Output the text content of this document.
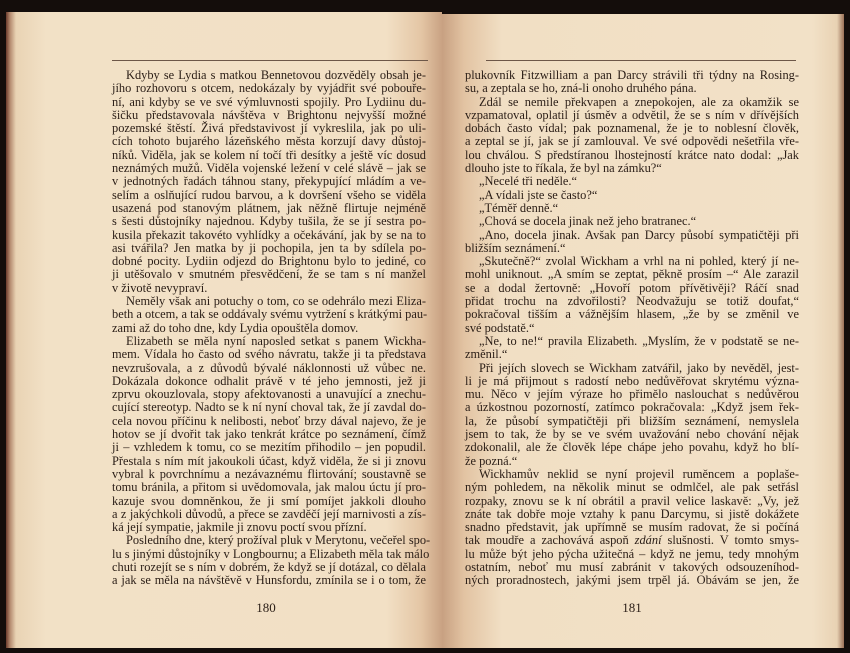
Kdyby se Lydia s matkou Bennetovou dozvěděly obsah je-
jího rozhovoru s otcem, nedokázaly by vyjádřit své pobouře-
ní, ani kdyby se ve své výmluvnosti spojily. Pro Lydiinu du-
šičku představovala návštěva v Brightonu nejvyšší možné
pozemské štěstí. Živá představivost jí vykreslila, jak po uli-
cích tohoto bujarého lázeňského města korzují davy důstoj-
níků. Viděla, jak se kolem ní točí tři desítky a ještě víc dosud
neznámých mužů. Viděla vojenské ležení v celé slávě – jak se
v jednotných řadách táhnou stany, překypující mládím a ve-
selím a oslňující rudou barvou, a k dovršení všeho se viděla
usazená pod stanovým plátnem, jak něžně flirtuje nejméně
s šesti důstojníky najednou. Kdyby tušila, že se jí sestra po-
kusila překazit takovéto vyhlídky a očekávání, jak by se na to
asi tvářila? Jen matka by ji pochopila, jen ta by sdílela po-
dobné pocity. Lydiin odjezd do Brightonu bylo to jediné, co
ji utěšovalo v smutném přesvědčení, že se tam s ní manžel
v životě nevypraví.
Neměly však ani potuchy o tom, co se odehrálo mezi Eliza-
beth a otcem, a tak se oddávaly svému vytržení s krátkými pau-
zami až do toho dne, kdy Lydia opouštěla domov.
Elizabeth se měla nyní naposled setkat s panem Wickha-
mem. Vídala ho často od svého návratu, takže ji ta představa
nevzrušovala, a z důvodů bývalé náklonnosti už vůbec ne.
Dokázala dokonce odhalit právě v té jeho jemnosti, jež ji
zprvu okouzlovala, stopy afektovanosti a unavující a znechu-
cující stereotyp. Nadto se k ní nyní choval tak, že jí zavdal do-
cela novou příčinu k nelibosti, neboť brzy dával najevo, že je
hotov se jí dvořit tak jako tenkrát krátce po seznámení, čímž
ji – vzhledem k tomu, co se mezitím přihodilo – jen popudil.
Přestala s ním mít jakoukoli účast, když viděla, že si ji znovu
vybral k povrchnímu a nezávaznému flirtování; soustavně se
tomu bránila, a přitom si uvědomovala, jak malou úctu jí pro-
kazuje svou domněnkou, že ji smí pomíjet jakkoli dlouho
a z jakýchkoli důvodů, a přece se zavděčí její marnivosti a zís-
ká její sympatie, jakmile ji znovu poctí svou přízní.
Posledního dne, který prožíval pluk v Merytonu, večeřel spo-
lu s jinými důstojníky v Longbournu; a Elizabeth měla tak málo
chuti rozejít se s ním v dobrém, že když se jí dotázal, co dělala
a jak se měla na návštěvě v Hunsfordu, zmínila se i o tom, že
180
plukovník Fitzwilliam a pan Darcy strávili tři týdny na Rosing-
su, a zeptala se ho, zná-li onoho druhého pána.
Zdál se nemile překvapen a znepokojen, ale za okamžik se
vzpamatoval, oplatil jí úsměv a odvětil, že se s ním v dřívějších
dobách často vídal; pak poznamenal, že je to noblesní člověk,
a zeptal se jí, jak se jí zamlouval. Ve své odpovědi nešetřila vře-
lou chválou. S předstíranou lhostejností krátce nato dodal: „Jak
dlouho jste to říkala, že byl na zámku?“
„Necelé tři neděle.“
„A vídali jste se často?“
„Téměř denně.“
„Chová se docela jinak než jeho bratranec.“
„Ano, docela jinak. Avšak pan Darcy působí sympatičtěji při
bližším seznámení.“
„Skutečně?“ zvolal Wickham a vrhl na ni pohled, který jí ne-
mohl uniknout. „A smím se zeptat, pěkně prosím –“ Ale zarazil
se a dodal žertovně: „Hovoří potom přívětivěji? Ráčí snad
přidat trochu na zdvořilosti? Neodvažuju se totiž doufat,“
pokračoval tišším a vážnějším hlasem, „že by se změnil ve
své podstatě.“
„Ne, to ne!“ pravila Elizabeth. „Myslím, že v podstatě se ne-
změnil.“
Při jejích slovech se Wickham zatvářil, jako by nevěděl, jest-
li je má přijmout s radostí nebo nedůvěřovat skrytému význa-
mu. Něco v jejím výraze ho přimělo naslouchat s nedůvěrou
a úzkostnou pozorností, zatímco pokračovala: „Když jsem řek-
la, že působí sympatičtěji při bližším seznámení, nemyslela
jsem to tak, že by se ve svém uvažování nebo chování nějak
zdokonalil, ale že člověk lépe chápe jeho povahu, když ho blí-
že pozná.“
Wickhamův neklid se nyní projevil ruměncem a poplaše-
ným pohledem, na několik minut se odmlčel, ale pak setřásl
rozpaky, znovu se k ní obrátil a pravil velice laskavě: „Vy, jež
znáte tak dobře moje vztahy k panu Darcymu, si jistě dokážete
snadno představit, jak upřímně se musím radovat, že si počíná
tak moudře a zachovává aspoň zdání slušnosti. V tomto smys-
lu může být jeho pýcha užitečná – když ne jemu, tedy mnohým
ostatním, neboť mu musí zabránit v takových odsouzeníhod-
ných proradnostech, jakými jsem trpěl já. Obávám se jen, že
181
